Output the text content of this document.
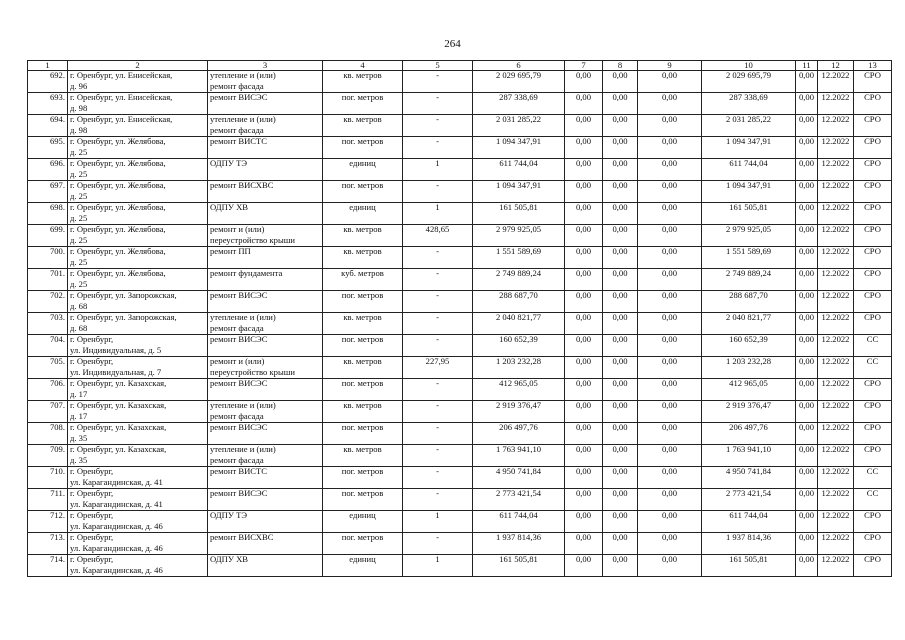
264
1	2	3	4	5	6	7	8	9	10	11	12	13
692.	г. Оренбург, ул. Енисейская,
д. 96	утепление и (или)
ремонт фасада	кв. метров	-	2 029 695,79	0,00	0,00	0,00	2 029 695,79	0,00	12.2022	СРО
693.	г. Оренбург, ул. Енисейская,
д. 98	ремонт ВИСЭС	пог. метров	-	287 338,69	0,00	0,00	0,00	287 338,69	0,00	12.2022	СРО
694.	г. Оренбург, ул. Енисейская,
д. 98	утепление и (или)
ремонт фасада	кв. метров	-	2 031 285,22	0,00	0,00	0,00	2 031 285,22	0,00	12.2022	СРО
695.	г. Оренбург, ул. Желябова,
д. 25	ремонт ВИСТС	пог. метров	-	1 094 347,91	0,00	0,00	0,00	1 094 347,91	0,00	12.2022	СРО
696.	г. Оренбург, ул. Желябова,
д. 25	ОДПУ ТЭ	единиц	1	611 744,04	0,00	0,00	0,00	611 744,04	0,00	12.2022	СРО
697.	г. Оренбург, ул. Желябова,
д. 25	ремонт ВИСХВС	пог. метров	-	1 094 347,91	0,00	0,00	0,00	1 094 347,91	0,00	12.2022	СРО
698.	г. Оренбург, ул. Желябова,
д. 25	ОДПУ ХВ	единиц	1	161 505,81	0,00	0,00	0,00	161 505,81	0,00	12.2022	СРО
699.	г. Оренбург, ул. Желябова,
д. 25	ремонт и (или)
переустройство крыши	кв. метров	428,65	2 979 925,05	0,00	0,00	0,00	2 979 925,05	0,00	12.2022	СРО
700.	г. Оренбург, ул. Желябова,
д. 25	ремонт ПП	кв. метров	-	1 551 589,69	0,00	0,00	0,00	1 551 589,69	0,00	12.2022	СРО
701.	г. Оренбург, ул. Желябова,
д. 25	ремонт фундамента	куб. метров	-	2 749 889,24	0,00	0,00	0,00	2 749 889,24	0,00	12.2022	СРО
702.	г. Оренбург, ул. Запорожская,
д. 68	ремонт ВИСЭС	пог. метров	-	288 687,70	0,00	0,00	0,00	288 687,70	0,00	12.2022	СРО
703.	г. Оренбург, ул. Запорожская,
д. 68	утепление и (или)
ремонт фасада	кв. метров	-	2 040 821,77	0,00	0,00	0,00	2 040 821,77	0,00	12.2022	СРО
704.	г. Оренбург,
ул. Индивидуальная, д. 5	ремонт ВИСЭС	пог. метров	-	160 652,39	0,00	0,00	0,00	160 652,39	0,00	12.2022	СС
705.	г. Оренбург,
ул. Индивидуальная, д. 7	ремонт и (или)
переустройство крыши	кв. метров	227,95	1 203 232,28	0,00	0,00	0,00	1 203 232,28	0,00	12.2022	СС
706.	г. Оренбург, ул. Казахская,
д. 17	ремонт ВИСЭС	пог. метров	-	412 965,05	0,00	0,00	0,00	412 965,05	0,00	12.2022	СРО
707.	г. Оренбург, ул. Казахская,
д. 17	утепление и (или)
ремонт фасада	кв. метров	-	2 919 376,47	0,00	0,00	0,00	2 919 376,47	0,00	12.2022	СРО
708.	г. Оренбург, ул. Казахская,
д. 35	ремонт ВИСЭС	пог. метров	-	206 497,76	0,00	0,00	0,00	206 497,76	0,00	12.2022	СРО
709.	г. Оренбург, ул. Казахская,
д. 35	утепление и (или)
ремонт фасада	кв. метров	-	1 763 941,10	0,00	0,00	0,00	1 763 941,10	0,00	12.2022	СРО
710.	г. Оренбург,
ул. Карагандинская, д. 41	ремонт ВИСТС	пог. метров	-	4 950 741,84	0,00	0,00	0,00	4 950 741,84	0,00	12.2022	СС
711.	г. Оренбург,
ул. Карагандинская, д. 41	ремонт ВИСЭС	пог. метров	-	2 773 421,54	0,00	0,00	0,00	2 773 421,54	0,00	12.2022	СС
712.	г. Оренбург,
ул. Карагандинская, д. 46	ОДПУ ТЭ	единиц	1	611 744,04	0,00	0,00	0,00	611 744,04	0,00	12.2022	СРО
713.	г. Оренбург,
ул. Карагандинская, д. 46	ремонт ВИСХВС	пог. метров	-	1 937 814,36	0,00	0,00	0,00	1 937 814,36	0,00	12.2022	СРО
714.	г. Оренбург,
ул. Карагандинская, д. 46	ОДПУ ХВ	единиц	1	161 505,81	0,00	0,00	0,00	161 505,81	0,00	12.2022	СРО
